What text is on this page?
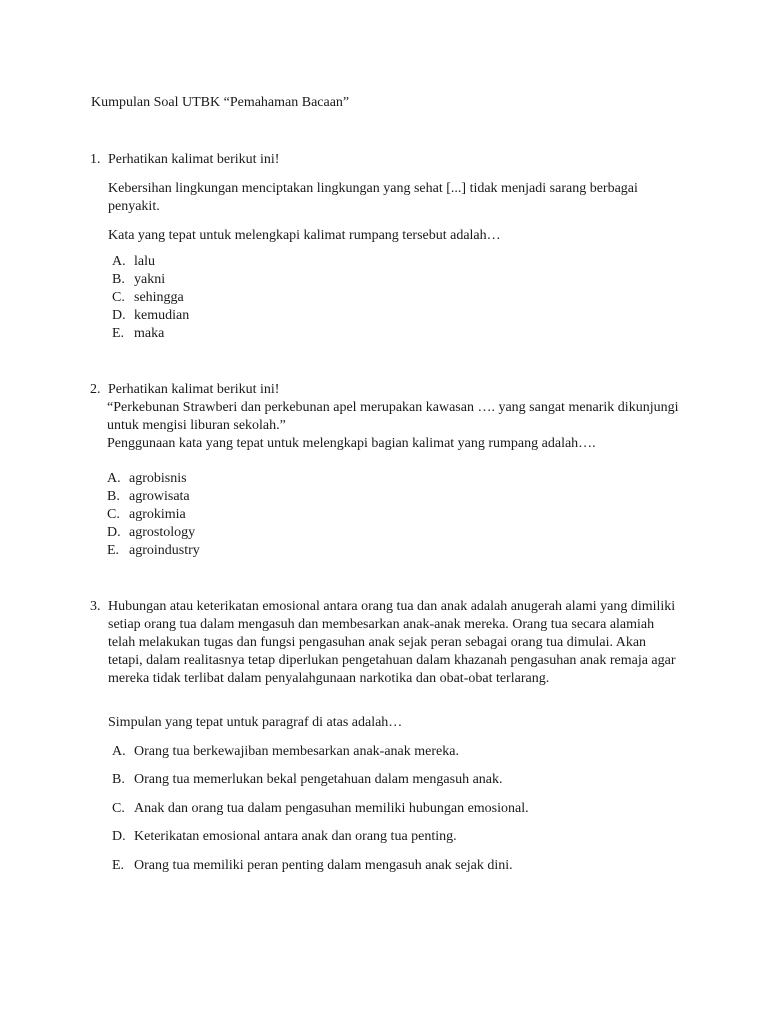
Kumpulan Soal UTBK “Pemahaman Bacaan”
1. Perhatikan kalimat berikut ini!
Kebersihan lingkungan menciptakan lingkungan yang sehat [...] tidak menjadi sarang berbagai penyakit.
Kata yang tepat untuk melengkapi kalimat rumpang tersebut adalah…
A. lalu
B. yakni
C. sehingga
D. kemudian
E. maka
2. Perhatikan kalimat berikut ini!
“Perkebunan Strawberi dan perkebunan apel merupakan kawasan …. yang sangat menarik dikunjungi untuk mengisi liburan sekolah.”
Penggunaan kata yang tepat untuk melengkapi bagian kalimat yang rumpang adalah….
A. agrobisnis
B. agrowisata
C. agrokimia
D. agrostology
E. agroindustry
3. Hubungan atau keterikatan emosional antara orang tua dan anak adalah anugerah alami yang dimiliki setiap orang tua dalam mengasuh dan membesarkan anak-anak mereka. Orang tua secara alamiah telah melakukan tugas dan fungsi pengasuhan anak sejak peran sebagai orang tua dimulai. Akan tetapi, dalam realitasnya tetap diperlukan pengetahuan dalam khazanah pengasuhan anak remaja agar mereka tidak terlibat dalam penyalahgunaan narkotika dan obat-obat terlarang.
Simpulan yang tepat untuk paragraf di atas adalah…
A. Orang tua berkewajiban membesarkan anak-anak mereka.
B. Orang tua memerlukan bekal pengetahuan dalam mengasuh anak.
C. Anak dan orang tua dalam pengasuhan memiliki hubungan emosional.
D. Keterikatan emosional antara anak dan orang tua penting.
E. Orang tua memiliki peran penting dalam mengasuh anak sejak dini.
